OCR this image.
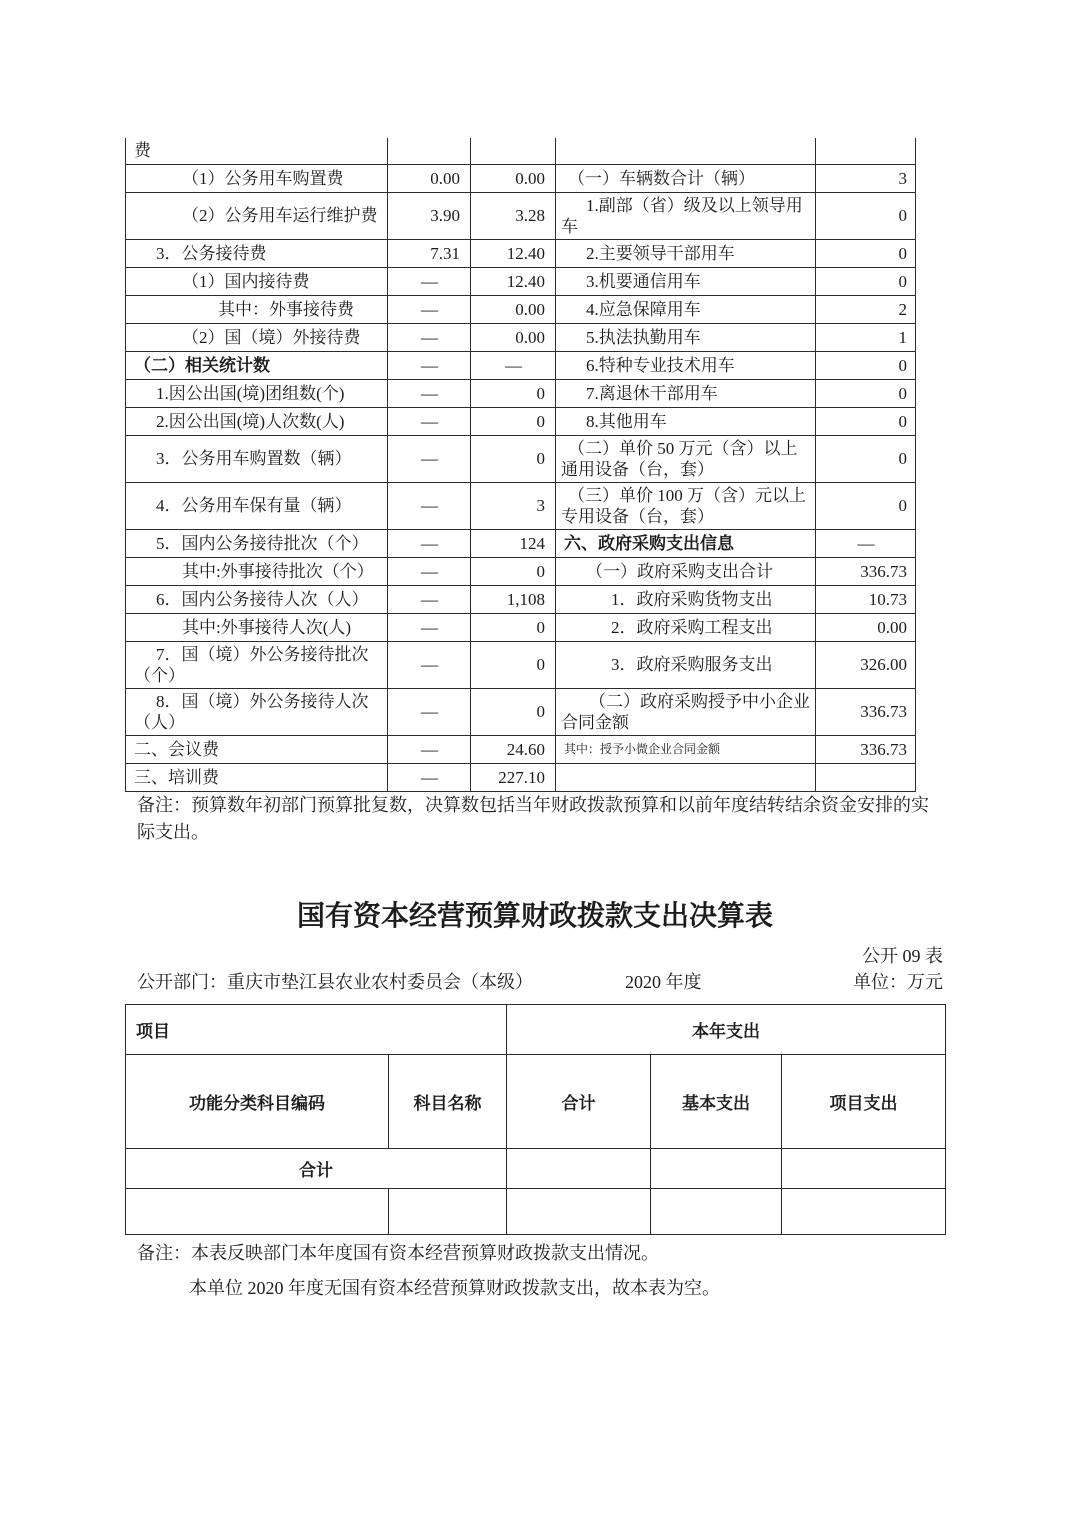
费				
（1）公务用车购置费	0.00	0.00	（一）车辆数合计（辆）	3
（2）公务用车运行维护费	3.90	3.28	1.副部（省）级及以上领导用车	0
3．公务接待费	7.31	12.40	2.主要领导干部用车	0
（1）国内接待费	—	12.40	3.机要通信用车	0
其中：外事接待费	—	0.00	4.应急保障用车	2
（2）国（境）外接待费	—	0.00	5.执法执勤用车	1
（二）相关统计数	—	—	6.特种专业技术用车	0
1.因公出国(境)团组数(个)	—	0	7.离退休干部用车	0
2.因公出国(境)人次数(人)	—	0	8.其他用车	0
3．公务用车购置数（辆）	—	0	（二）单价 50 万元（含）以上通用设备（台，套）	0
4．公务用车保有量（辆）	—	3	（三）单价 100 万（含）元以上专用设备（台，套）	0
5．国内公务接待批次（个）	—	124	六、政府采购支出信息	—
其中:外事接待批次（个）	—	0	（一）政府采购支出合计	336.73
6．国内公务接待人次（人）	—	1,108	1．政府采购货物支出	10.73
其中:外事接待人次(人)	—	0	2．政府采购工程支出	0.00
7．国（境）外公务接待批次（个）	—	0	3．政府采购服务支出	326.00
8．国（境）外公务接待人次（人）	—	0	（二）政府采购授予中小企业合同金额	336.73
二、会议费	—	24.60	其中：授予小微企业合同金额	336.73
三、培训费	—	227.10		
备注：预算数年初部门预算批复数，决算数包括当年财政拨款预算和以前年度结转结余资金安排的实际支出。
国有资本经营预算财政拨款支出决算表
公开 09 表
公开部门：重庆市垫江县农业农村委员会（本级）	2020 年度	单位：万元
项目		本年支出		
功能分类科目编码	科目名称	合计	基本支出	项目支出
合计				

备注：本表反映部门本年度国有资本经营预算财政拨款支出情况。
本单位 2020 年度无国有资本经营预算财政拨款支出，故本表为空。
